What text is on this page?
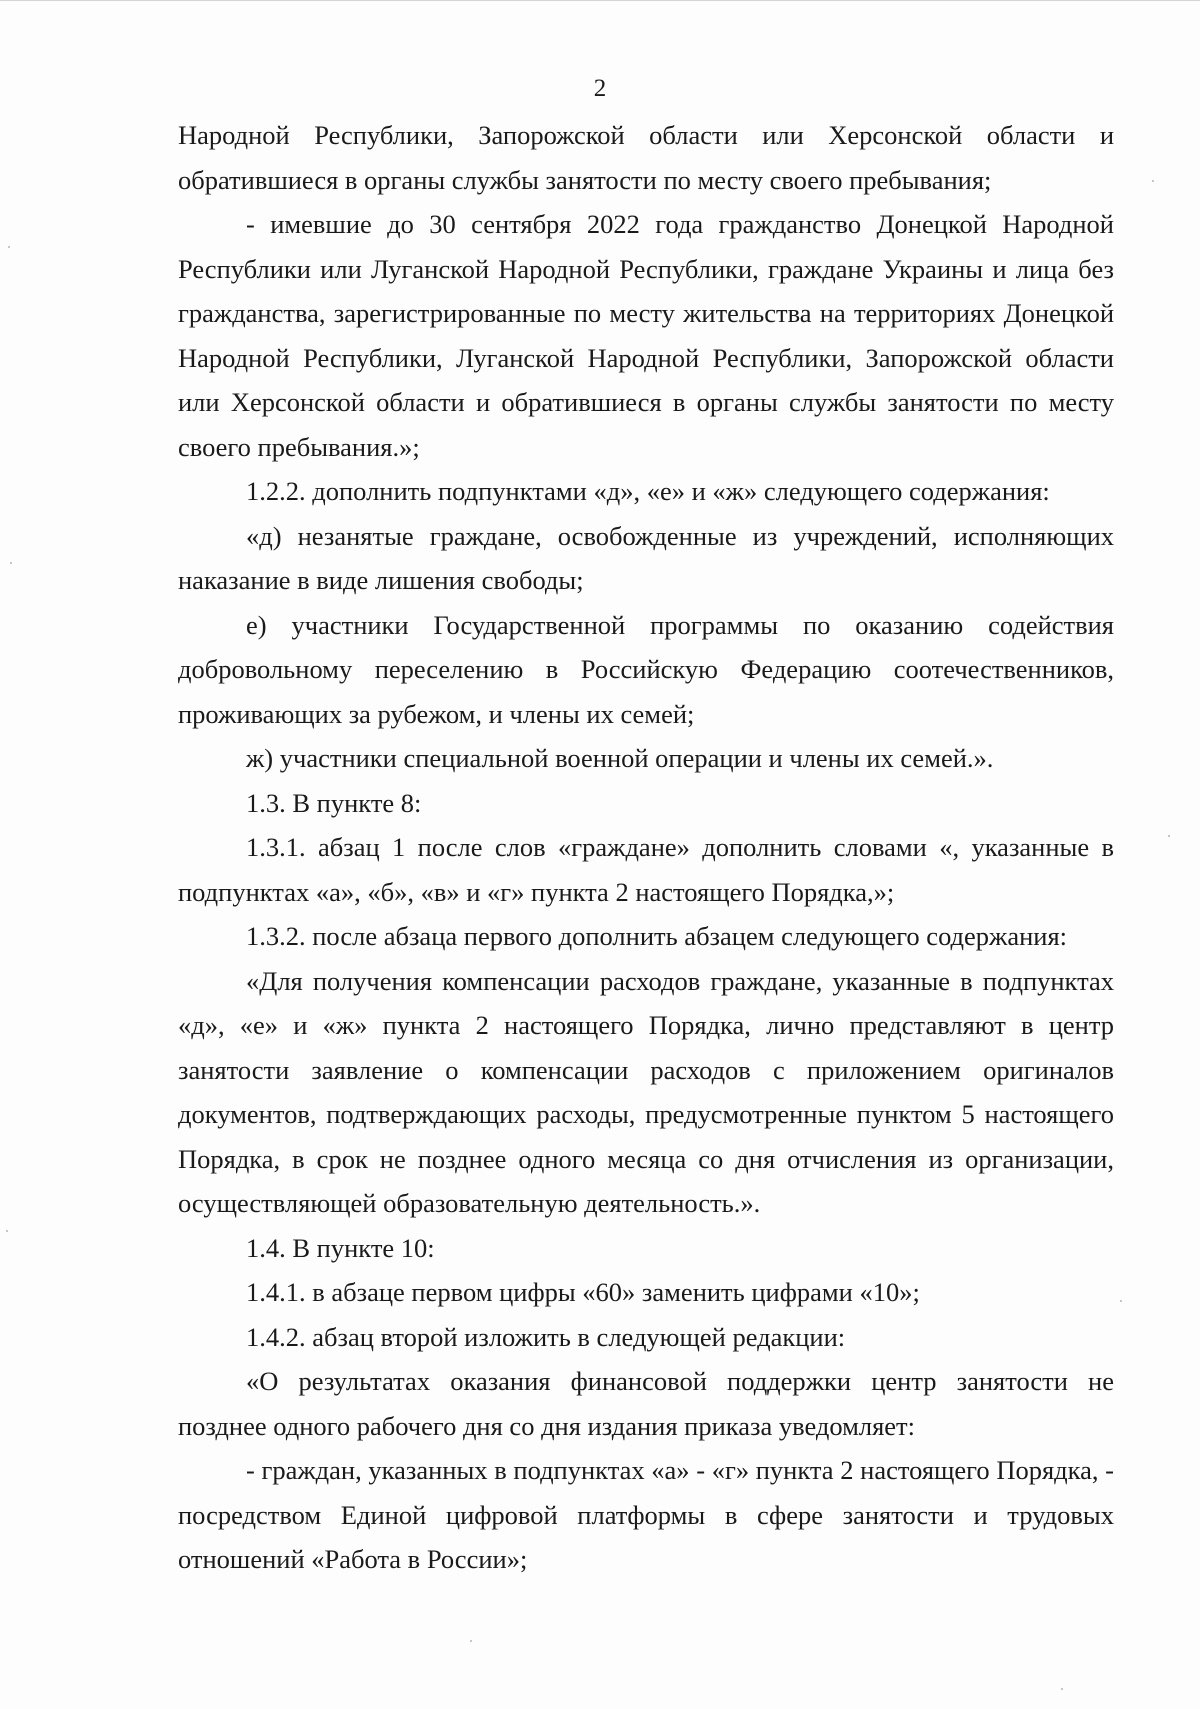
2

Народной Республики, Запорожской области или Херсонской области и обратившиеся в органы службы занятости по месту своего пребывания;

- имевшие до 30 сентября 2022 года гражданство Донецкой Народной Республики или Луганской Народной Республики, граждане Украины и лица без гражданства, зарегистрированные по месту жительства на территориях Донецкой Народной Республики, Луганской Народной Республики, Запорожской области или Херсонской области и обратившиеся в органы службы занятости по месту своего пребывания.»;

1.2.2. дополнить подпунктами «д», «е» и «ж» следующего содержания:

«д) незанятые граждане, освобожденные из учреждений, исполняющих наказание в виде лишения свободы;

е) участники Государственной программы по оказанию содействия добровольному переселению в Российскую Федерацию соотечественников, проживающих за рубежом, и члены их семей;

ж) участники специальной военной операции и члены их семей.».

1.3. В пункте 8:

1.3.1. абзац 1 после слов «граждане» дополнить словами «, указанные в подпунктах «а», «б», «в» и «г» пункта 2 настоящего Порядка,»;

1.3.2. после абзаца первого дополнить абзацем следующего содержания:

«Для получения компенсации расходов граждане, указанные в подпунктах «д», «е» и «ж» пункта 2 настоящего Порядка, лично представляют в центр занятости заявление о компенсации расходов с приложением оригиналов документов, подтверждающих расходы, предусмотренные пунктом 5 настоящего Порядка, в срок не позднее одного месяца со дня отчисления из организации, осуществляющей образовательную деятельность.».

1.4. В пункте 10:

1.4.1. в абзаце первом цифры «60» заменить цифрами «10»;

1.4.2. абзац второй изложить в следующей редакции:

«О результатах оказания финансовой поддержки центр занятости не позднее одного рабочего дня со дня издания приказа уведомляет:

- граждан, указанных в подпунктах «а» - «г» пункта 2 настоящего Порядка, - посредством Единой цифровой платформы в сфере занятости и трудовых отношений «Работа в России»;
